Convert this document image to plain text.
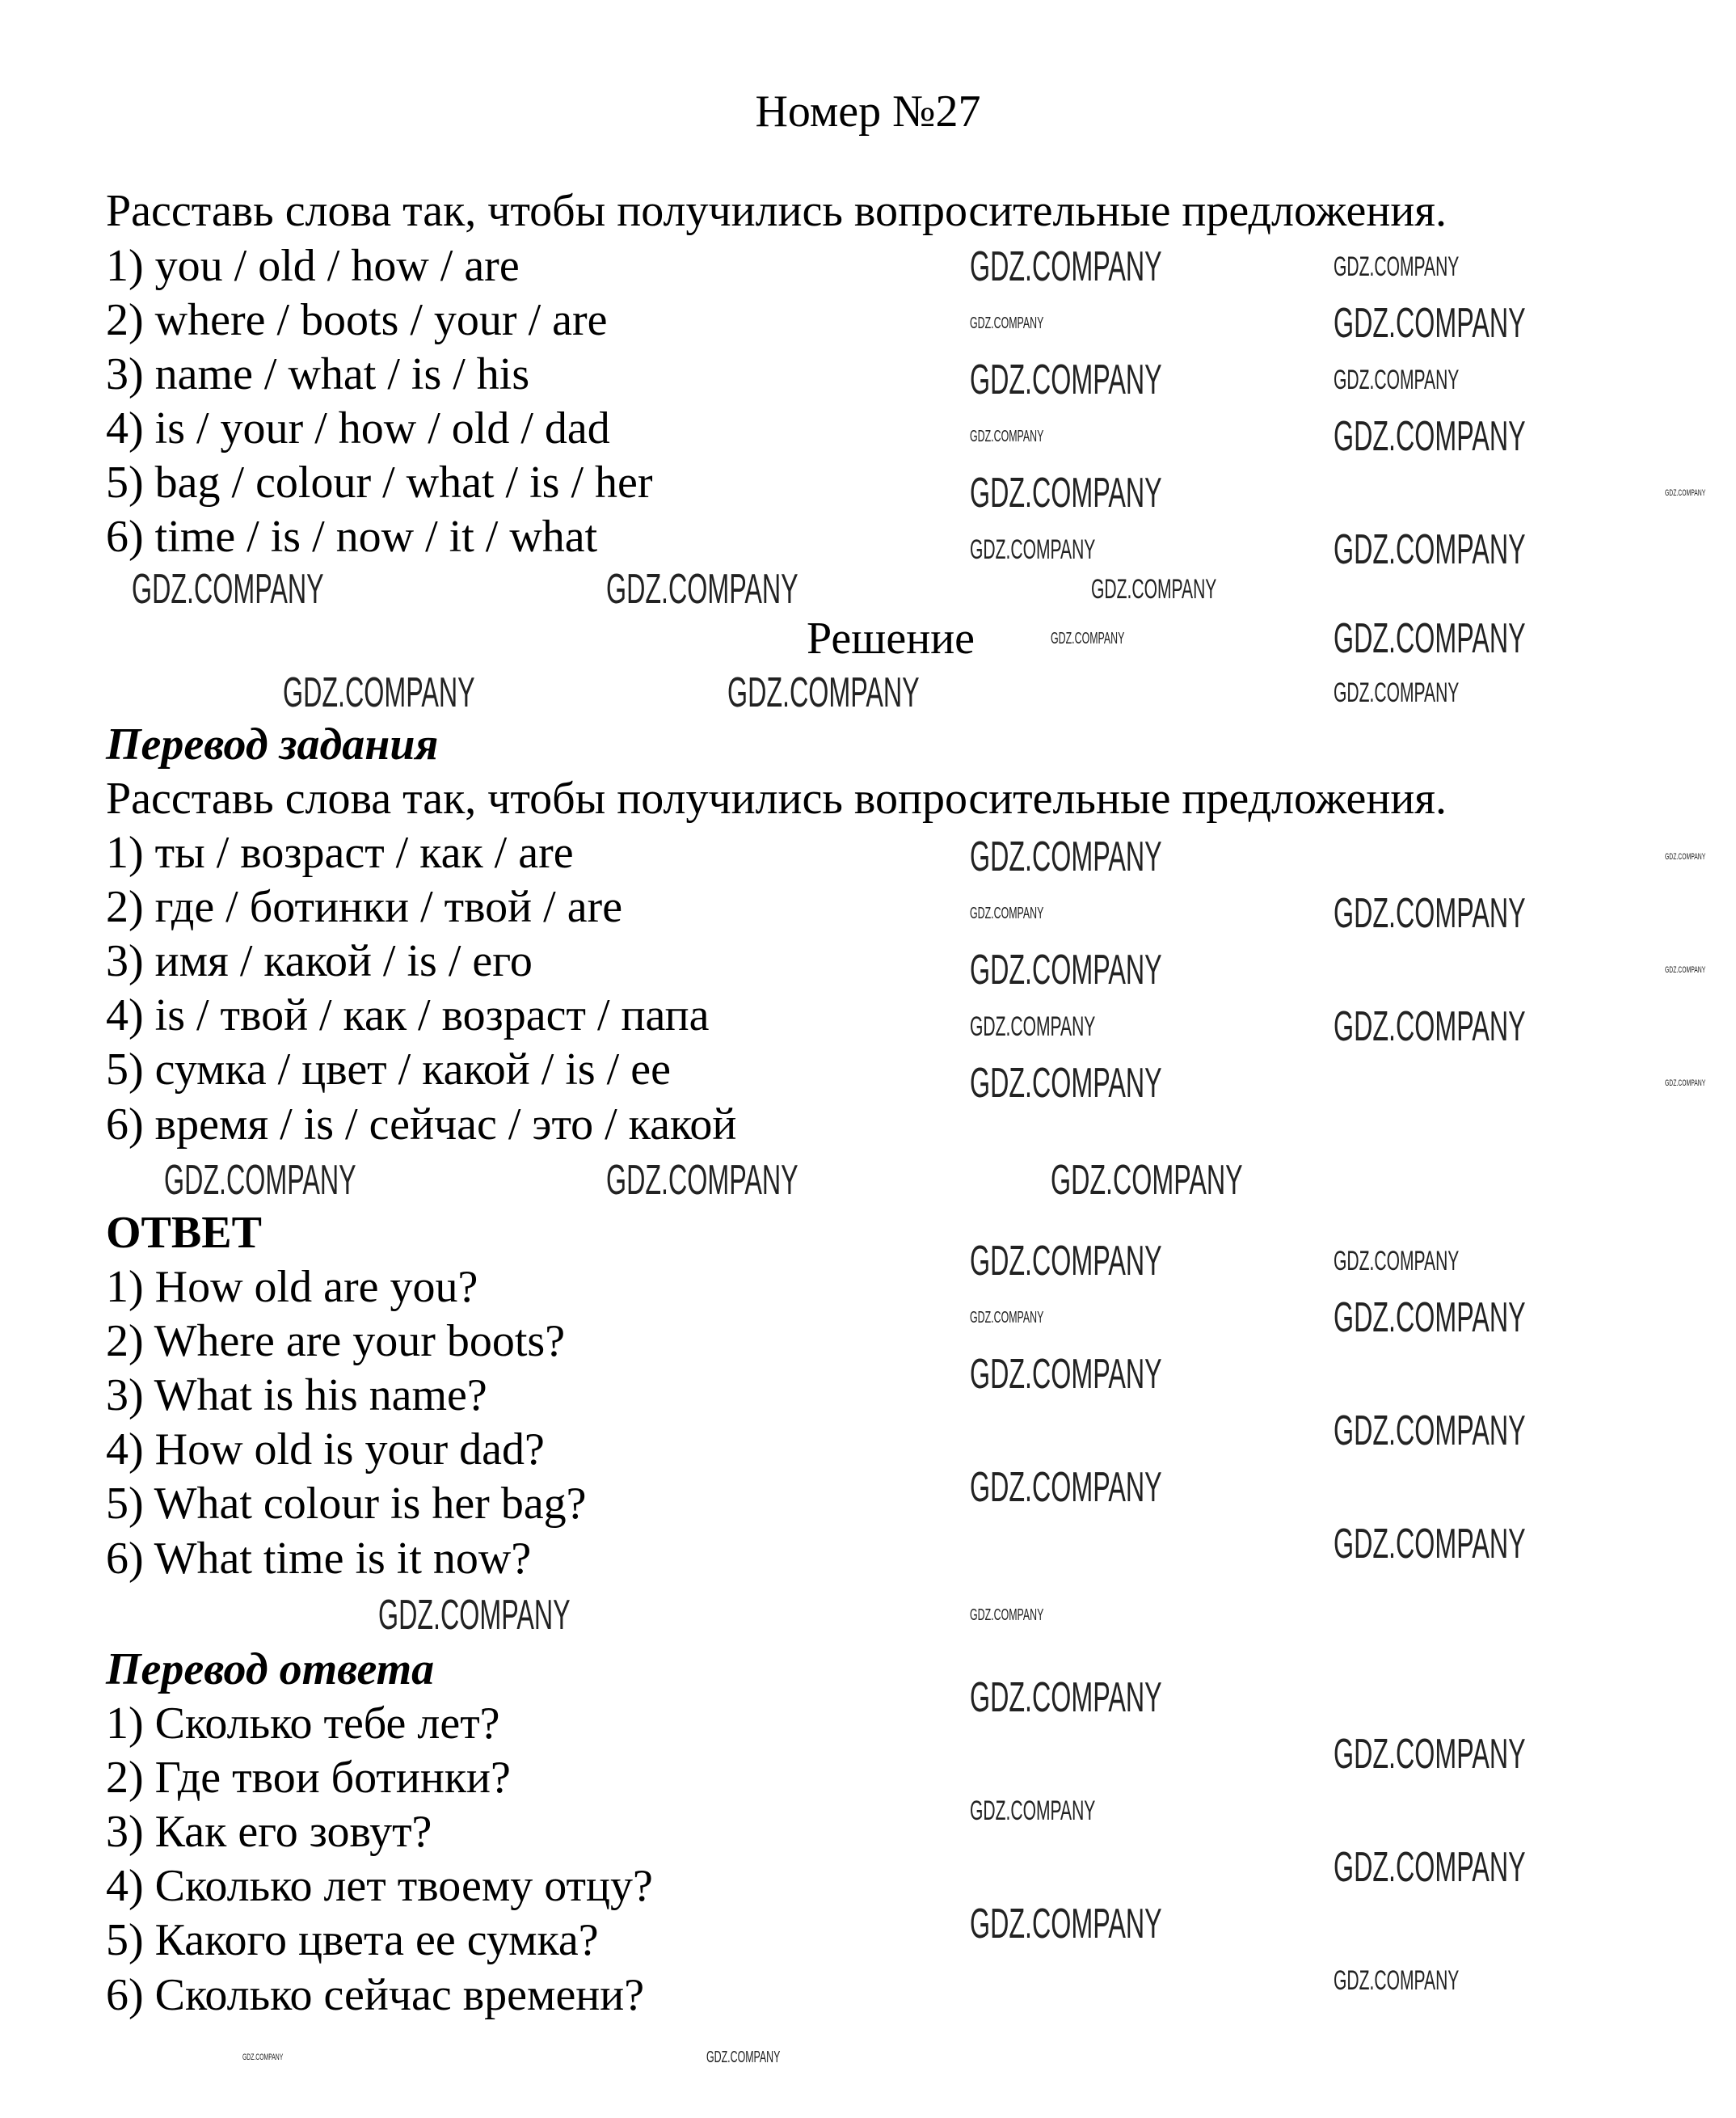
Номер №27
Расставь слова так, чтобы получились вопросительные предложения.
1) you / old / how / are
2) where / boots / your / are
3) name / what / is / his
4) is / your / how / old / dad
5) bag / colour / what / is / her
6) time / is / now / it / what
Решение
Перевод задания
Расставь слова так, чтобы получились вопросительные предложения.
1) ты / возраст / как / are
2) где / ботинки / твой / are
3) имя / какой / is / его
4) is / твой / как / возраст / папа
5) сумка / цвет / какой / is / ее
6) время / is / сейчас / это / какой
ОТВЕТ
1) How old are you?
2) Where are your boots?
3) What is his name?
4) How old is your dad?
5) What colour is her bag?
6) What time is it now?
Перевод ответа
1) Сколько тебе лет?
2) Где твои ботинки?
3) Как его зовут?
4) Сколько лет твоему отцу?
5) Какого цвета ее сумка?
6) Сколько сейчас времени?
GDZ.COMPANY	GDZ.COMPANY
GDZ.COMPANY
GDZ.COMPANY
GDZ.COMPANY	GDZ.COMPANY
GDZ.COMPANY
GDZ.COMPANY
GDZ.COMPANY	GDZ.COMPANY
GDZ.COMPANY
GDZ.COMPANY
GDZ.COMPANY	GDZ.COMPANY	GDZ.COMPANY
GDZ.COMPANY
GDZ.COMPANY
GDZ.COMPANY	GDZ.COMPANY	GDZ.COMPANY
GDZ.COMPANY	GDZ.COMPANY
GDZ.COMPANY
GDZ.COMPANY
GDZ.COMPANY	GDZ.COMPANY
GDZ.COMPANY
GDZ.COMPANY
GDZ.COMPANY	GDZ.COMPANY
GDZ.COMPANY	GDZ.COMPANY	GDZ.COMPANY
GDZ.COMPANY	GDZ.COMPANY
GDZ.COMPANY
GDZ.COMPANY
GDZ.COMPANY
GDZ.COMPANY
GDZ.COMPANY
GDZ.COMPANY
GDZ.COMPANY	GDZ.COMPANY
GDZ.COMPANY
GDZ.COMPANY
GDZ.COMPANY
GDZ.COMPANY
GDZ.COMPANY
GDZ.COMPANY
GDZ.COMPANY
GDZ.COMPANY
